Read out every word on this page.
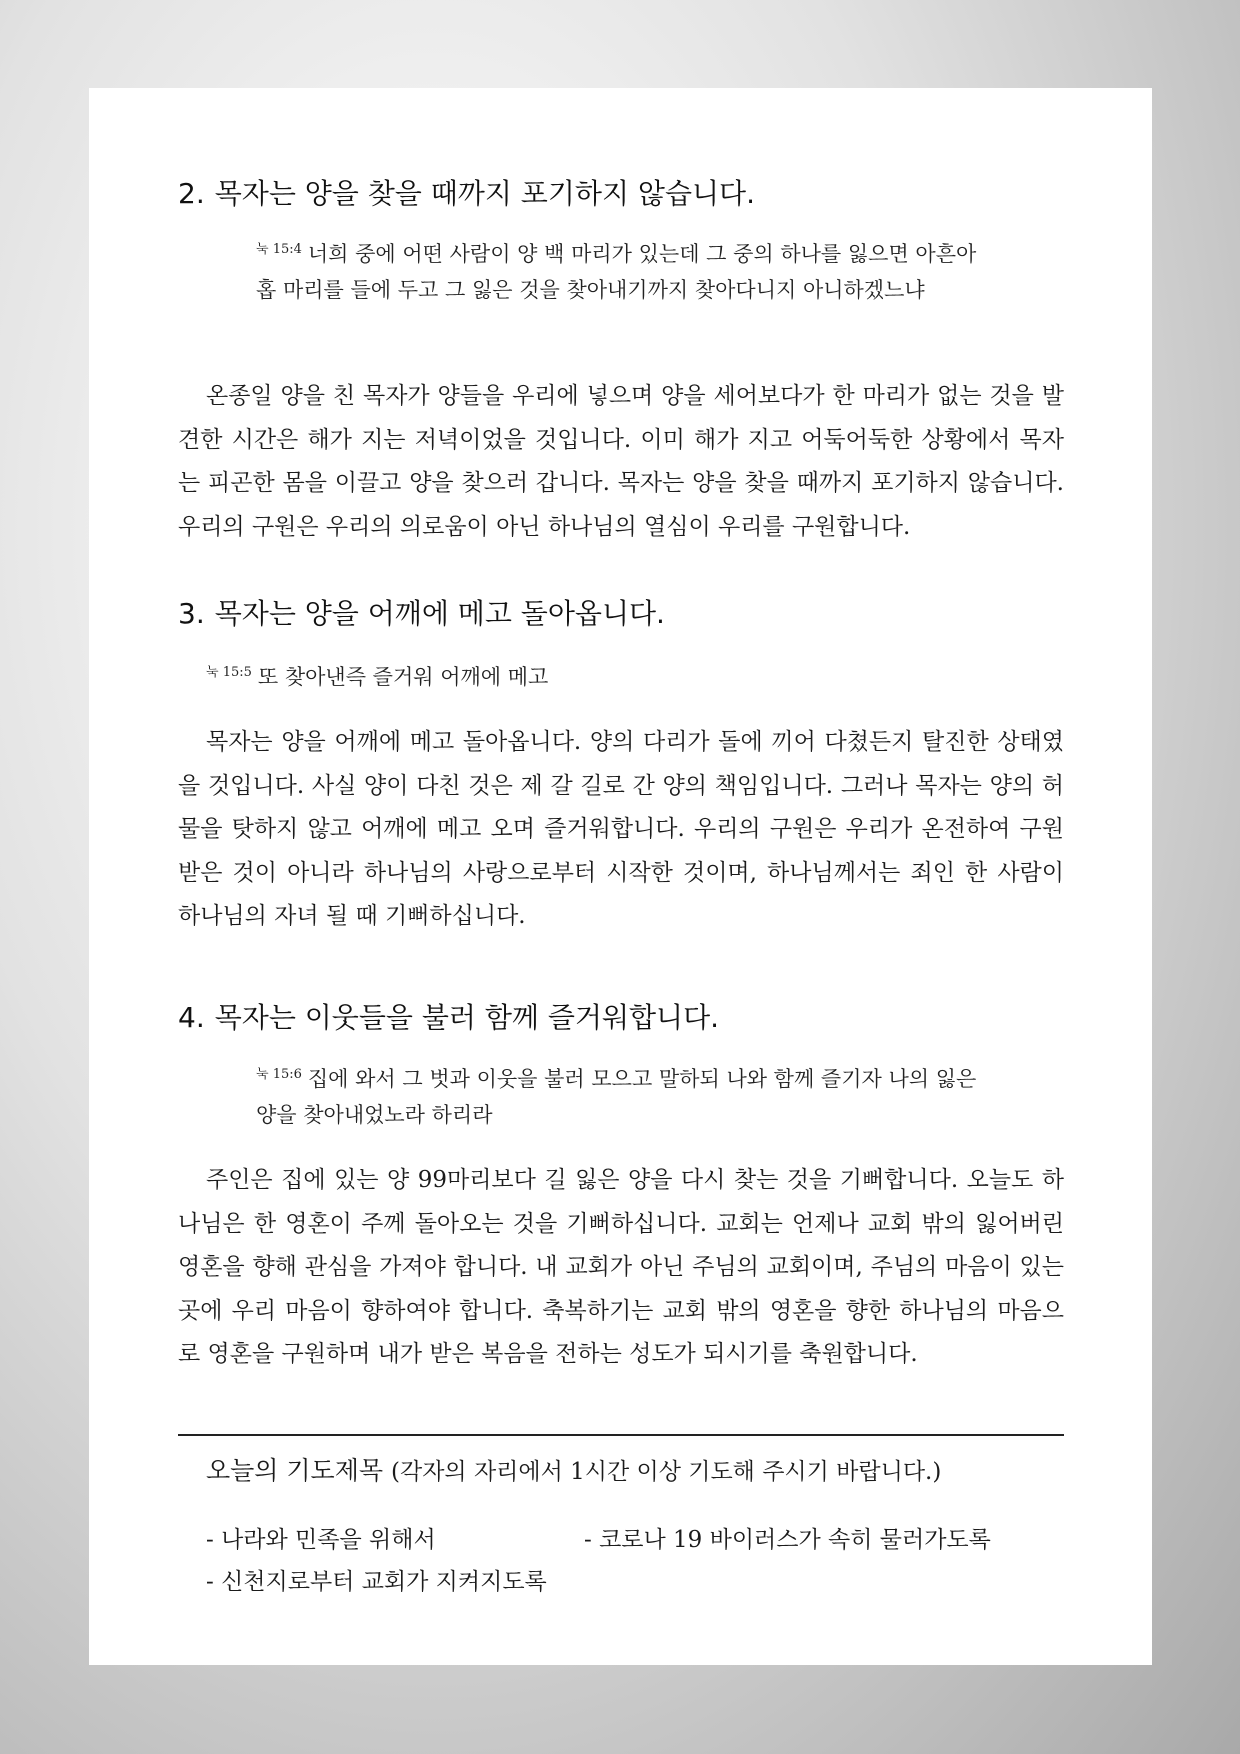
2. 목자는 양을 찾을 때까지 포기하지 않습니다.
$^{눅 15:4}$ 너희 중에 어떤 사람이 양 백 마리가 있는데 그 중의 하나를 잃으면 아흔아홉 마리를 들에 두고 그 잃은 것을 찾아내기까지 찾아다니지 아니하겠느냐

온종일 양을 친 목자가 양들을 우리에 넣으며 양을 세어보다가 한 마리가 없는 것을 발견한 시간은 해가 지는 저녁이었을 것입니다. 이미 해가 지고 어둑어둑한 상황에서 목자는 피곤한 몸을 이끌고 양을 찾으러 갑니다. 목자는 양을 찾을 때까지 포기하지 않습니다. 우리의 구원은 우리의 의로움이 아닌 하나님의 열심이 우리를 구원합니다.

3. 목자는 양을 어깨에 메고 돌아옵니다.
$^{눅 15:5}$ 또 찾아낸즉 즐거워 어깨에 메고

목자는 양을 어깨에 메고 돌아옵니다. 양의 다리가 돌에 끼어 다쳤든지 탈진한 상태였을 것입니다. 사실 양이 다친 것은 제 갈 길로 간 양의 책임입니다. 그러나 목자는 양의 허물을 탓하지 않고 어깨에 메고 오며 즐거워합니다. 우리의 구원은 우리가 온전하여 구원받은 것이 아니라 하나님의 사랑으로부터 시작한 것이며, 하나님께서는 죄인 한 사람이 하나님의 자녀 될 때 기뻐하십니다.

4. 목자는 이웃들을 불러 함께 즐거워합니다.
$^{눅 15:6}$ 집에 와서 그 벗과 이웃을 불러 모으고 말하되 나와 함께 즐기자 나의 잃은 양을 찾아내었노라 하리라

주인은 집에 있는 양 99마리보다 길 잃은 양을 다시 찾는 것을 기뻐합니다. 오늘도 하나님은 한 영혼이 주께 돌아오는 것을 기뻐하십니다. 교회는 언제나 교회 밖의 잃어버린 영혼을 향해 관심을 가져야 합니다. 내 교회가 아닌 주님의 교회이며, 주님의 마음이 있는 곳에 우리 마음이 향하여야 합니다. 축복하기는 교회 밖의 영혼을 향한 하나님의 마음으로 영혼을 구원하며 내가 받은 복음을 전하는 성도가 되시기를 축원합니다.

오늘의 기도제목 (각자의 자리에서 1시간 이상 기도해 주시기 바랍니다.)
- 나라와 민족을 위해서	- 코로나 19 바이러스가 속히 물러가도록
- 신천지로부터 교회가 지켜지도록
